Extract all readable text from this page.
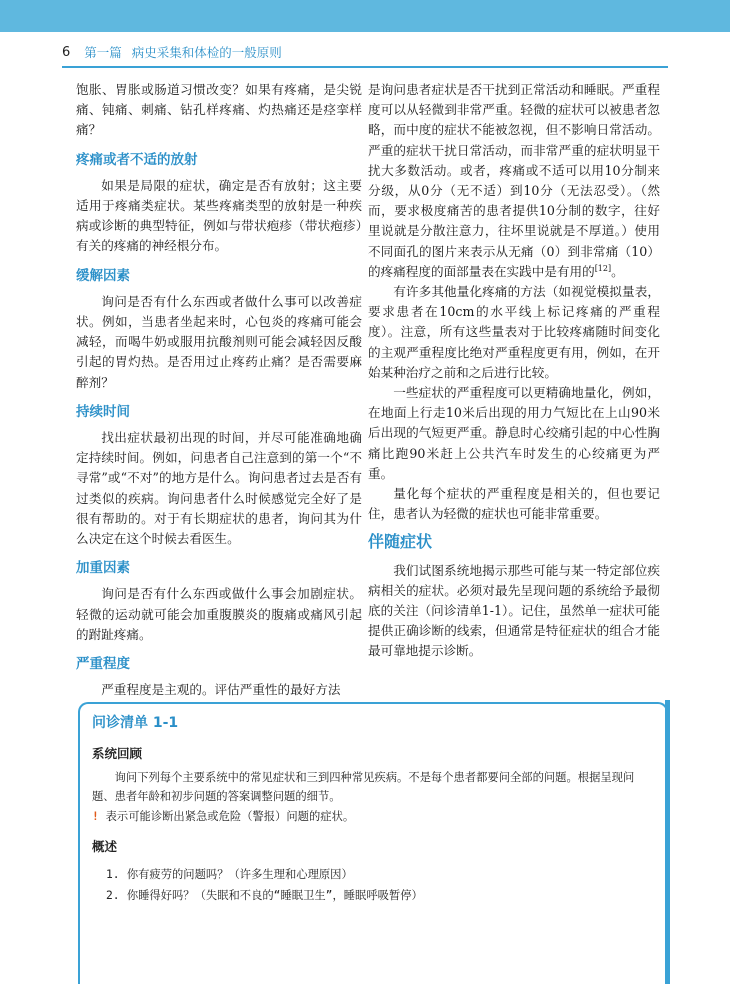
6 第一篇 病史采集和体检的一般原则

饱胀、胃胀或肠道习惯改变？如果有疼痛，是尖锐痛、钝痛、刺痛、钻孔样疼痛、灼热痛还是痉挛样痛？

疼痛或者不适的放射

如果是局限的症状，确定是否有放射；这主要适用于疼痛类症状。某些疼痛类型的放射是一种疾病或诊断的典型特征，例如与带状疱疹（带状疱疹）有关的疼痛的神经根分布。

缓解因素

询问是否有什么东西或者做什么事可以改善症状。例如，当患者坐起来时，心包炎的疼痛可能会减轻，而喝牛奶或服用抗酸剂则可能会减轻因反酸引起的胃灼热。是否用过止疼药止痛？是否需要麻醉剂？

持续时间

找出症状最初出现的时间，并尽可能准确地确定持续时间。例如，问患者自己注意到的第一个“不寻常”或“不对”的地方是什么。询问患者过去是否有过类似的疾病。询问患者什么时候感觉完全好了是很有帮助的。对于有长期症状的患者，询问其为什么决定在这个时候去看医生。

加重因素

询问是否有什么东西或做什么事会加剧症状。轻微的运动就可能会加重腹膜炎的腹痛或痛风引起的跗趾疼痛。

严重程度

严重程度是主观的。评估严重性的最好方法

是询问患者症状是否干扰到正常活动和睡眠。严重程度可以从轻微到非常严重。轻微的症状可以被患者忽略，而中度的症状不能被忽视，但不影响日常活动。严重的症状干扰日常活动，而非常严重的症状明显干扰大多数活动。或者，疼痛或不适可以用10分制来分级，从0分（无不适）到10分（无法忍受）。（然而，要求极度痛苦的患者提供10分制的数字，往好里说就是分散注意力，往坏里说就是不厚道。）使用不同面孔的图片来表示从无痛（0）到非常痛（10）的疼痛程度的面部量表在实践中是有用的[12]。

有许多其他量化疼痛的方法（如视觉模拟量表，要求患者在10cm的水平线上标记疼痛的严重程度）。注意，所有这些量表对于比较疼痛随时间变化的主观严重程度比绝对严重程度更有用，例如，在开始某种治疗之前和之后进行比较。

一些症状的严重程度可以更精确地量化，例如，在地面上行走10米后出现的用力气短比在上山90米后出现的气短更严重。静息时心绞痛引起的中心性胸痛比跑90米赶上公共汽车时发生的心绞痛更为严重。

量化每个症状的严重程度是相关的，但也要记住，患者认为轻微的症状也可能非常重要。

伴随症状

我们试图系统地揭示那些可能与某一特定部位疾病相关的症状。必须对最先呈现问题的系统给予最彻底的关注（问诊清单1-1）。记住，虽然单一症状可能提供正确诊断的线索，但通常是特征症状的组合才能最可靠地提示诊断。

问诊清单 1-1
系统回顾
询问下列每个主要系统中的常见症状和三到四种常见疾病。不是每个患者都要问全部的问题。根据呈现问题、患者年龄和初步问题的答案调整问题的细节。
! 表示可能诊断出紧急或危险（警报）问题的症状。
概述
1. 你有疲劳的问题吗？（许多生理和心理原因）
2. 你睡得好吗？（失眠和不良的“睡眠卫生”，睡眠呼吸暂停）
